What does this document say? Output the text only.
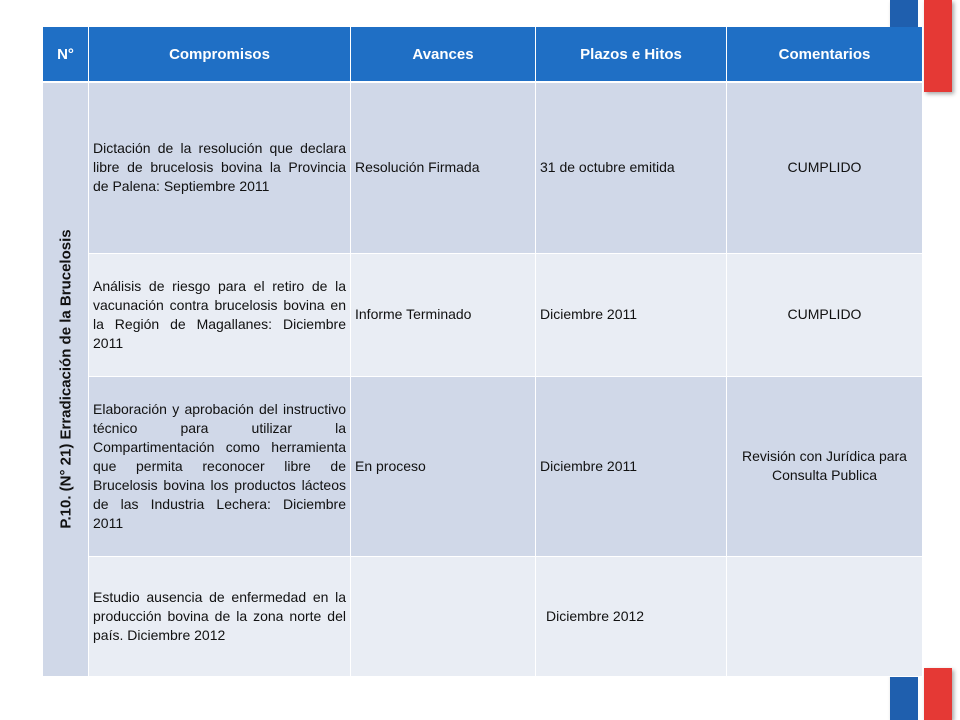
N°	Compromisos	Avances	Plazos e Hitos	Comentarios

P.10. (N° 21) Erradicación de la Brucelosis	Dictación de la resolución que declara libre de brucelosis bovina la Provincia de Palena: Septiembre 2011	Resolución Firmada	31 de octubre emitida	CUMPLIDO
	Análisis de riesgo para el retiro de la vacunación contra brucelosis bovina en la Región de Magallanes: Diciembre 2011	Informe Terminado	Diciembre 2011	CUMPLIDO
	Elaboración y aprobación del instructivo técnico para utilizar la Compartimentación como herramienta que permita reconocer libre de Brucelosis bovina los productos lácteos de las Industria Lechera: Diciembre 2011	En proceso	Diciembre 2011	Revisión con Jurídica para Consulta Publica
	Estudio ausencia de enfermedad en la producción bovina de la zona norte del país. Diciembre 2012		Diciembre 2012	
